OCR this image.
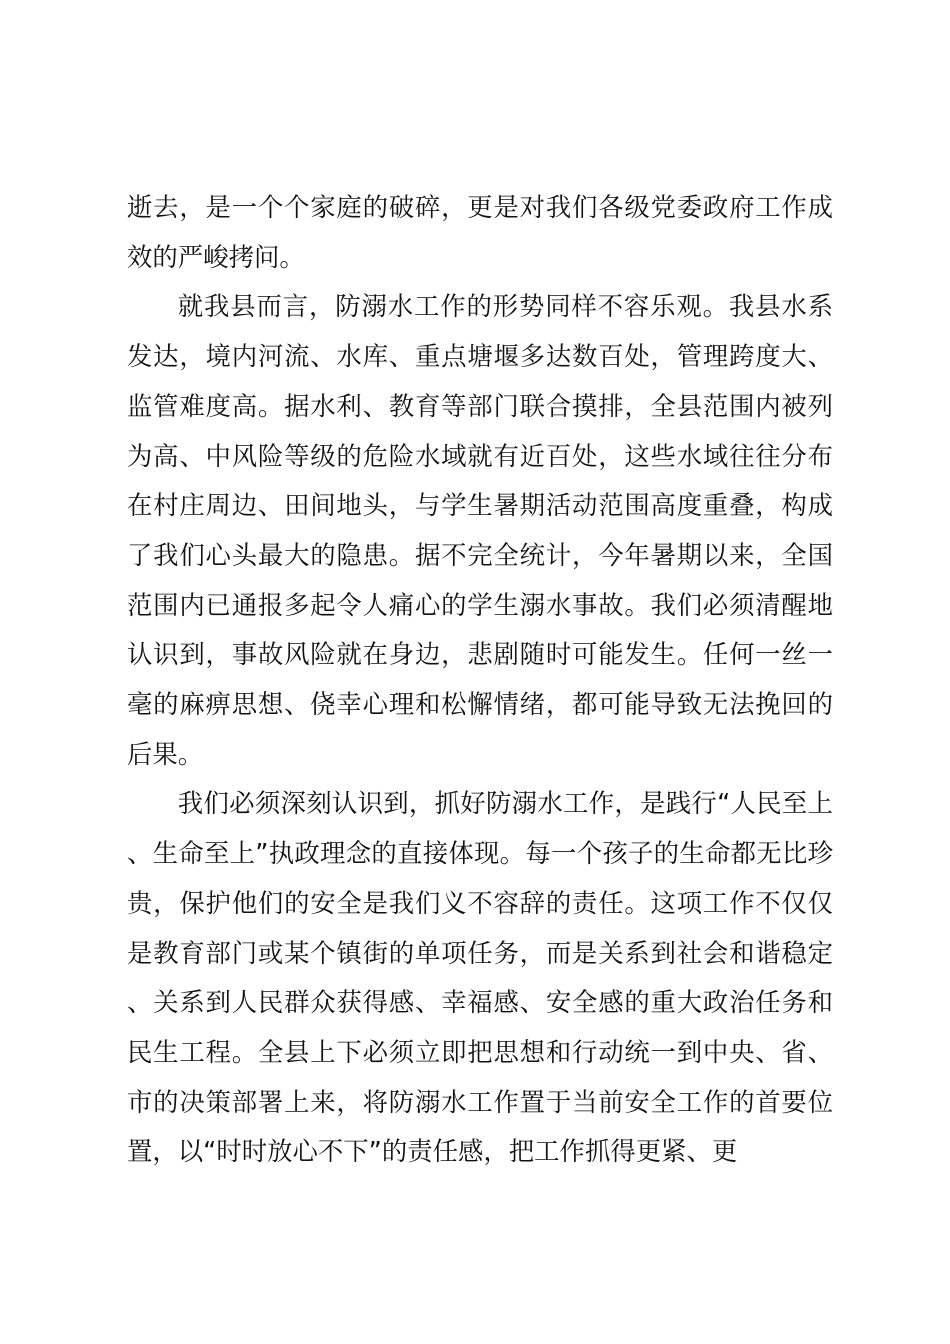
逝去，是一个个家庭的破碎，更是对我们各级党委政府工作成效的严峻拷问。

就我县而言，防溺水工作的形势同样不容乐观。我县水系发达，境内河流、水库、重点塘堰多达数百处，管理跨度大、监管难度高。据水利、教育等部门联合摸排，全县范围内被列为高、中风险等级的危险水域就有近百处，这些水域往往分布在村庄周边、田间地头，与学生暑期活动范围高度重叠，构成了我们心头最大的隐患。据不完全统计，今年暑期以来，全国范围内已通报多起令人痛心的学生溺水事故。我们必须清醒地认识到，事故风险就在身边，悲剧随时可能发生。任何一丝一毫的麻痹思想、侥幸心理和松懈情绪，都可能导致无法挽回的后果。

我们必须深刻认识到，抓好防溺水工作，是践行“人民至上、生命至上”执政理念的直接体现。每一个孩子的生命都无比珍贵，保护他们的安全是我们义不容辞的责任。这项工作不仅仅是教育部门或某个镇街的单项任务，而是关系到社会和谐稳定、关系到人民群众获得感、幸福感、安全感的重大政治任务和民生工程。全县上下必须立即把思想和行动统一到中央、省、市的决策部署上来，将防溺水工作置于当前安全工作的首要位置，以“时时放心不下”的责任感，把工作抓得更紧、更
